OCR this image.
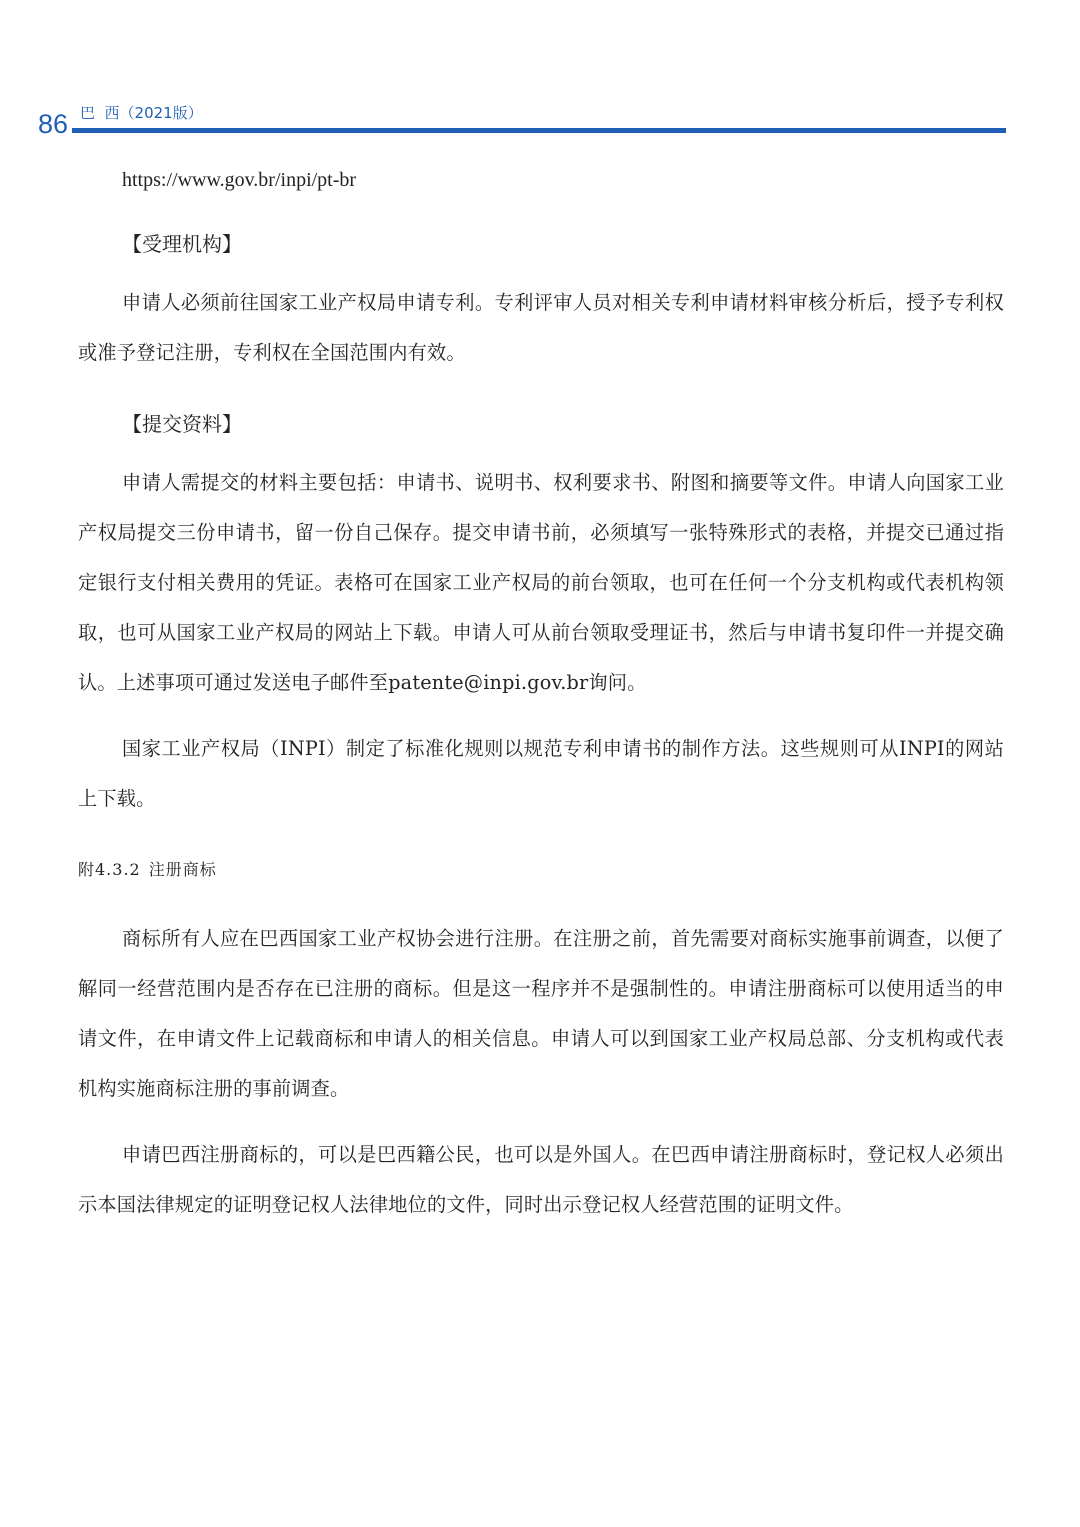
86 巴  西（2021版）

https://www.gov.br/inpi/pt-br

【受理机构】

申请人必须前往国家工业产权局申请专利。专利评审人员对相关专利申请材料审核分析后，授予专利权或准予登记注册，专利权在全国范围内有效。

【提交资料】

申请人需提交的材料主要包括：申请书、说明书、权利要求书、附图和摘要等文件。申请人向国家工业产权局提交三份申请书，留一份自己保存。提交申请书前，必须填写一张特殊形式的表格，并提交已通过指定银行支付相关费用的凭证。表格可在国家工业产权局的前台领取，也可在任何一个分支机构或代表机构领取，也可从国家工业产权局的网站上下载。申请人可从前台领取受理证书，然后与申请书复印件一并提交确认。上述事项可通过发送电子邮件至patente@inpi.gov.br询问。

国家工业产权局（INPI）制定了标准化规则以规范专利申请书的制作方法。这些规则可从INPI的网站上下载。

附4.3.2 注册商标

商标所有人应在巴西国家工业产权协会进行注册。在注册之前，首先需要对商标实施事前调查，以便了解同一经营范围内是否存在已注册的商标。但是这一程序并不是强制性的。申请注册商标可以使用适当的申请文件，在申请文件上记载商标和申请人的相关信息。申请人可以到国家工业产权局总部、分支机构或代表机构实施商标注册的事前调查。

申请巴西注册商标的，可以是巴西籍公民，也可以是外国人。在巴西申请注册商标时，登记权人必须出示本国法律规定的证明登记权人法律地位的文件，同时出示登记权人经营范围的证明文件。
